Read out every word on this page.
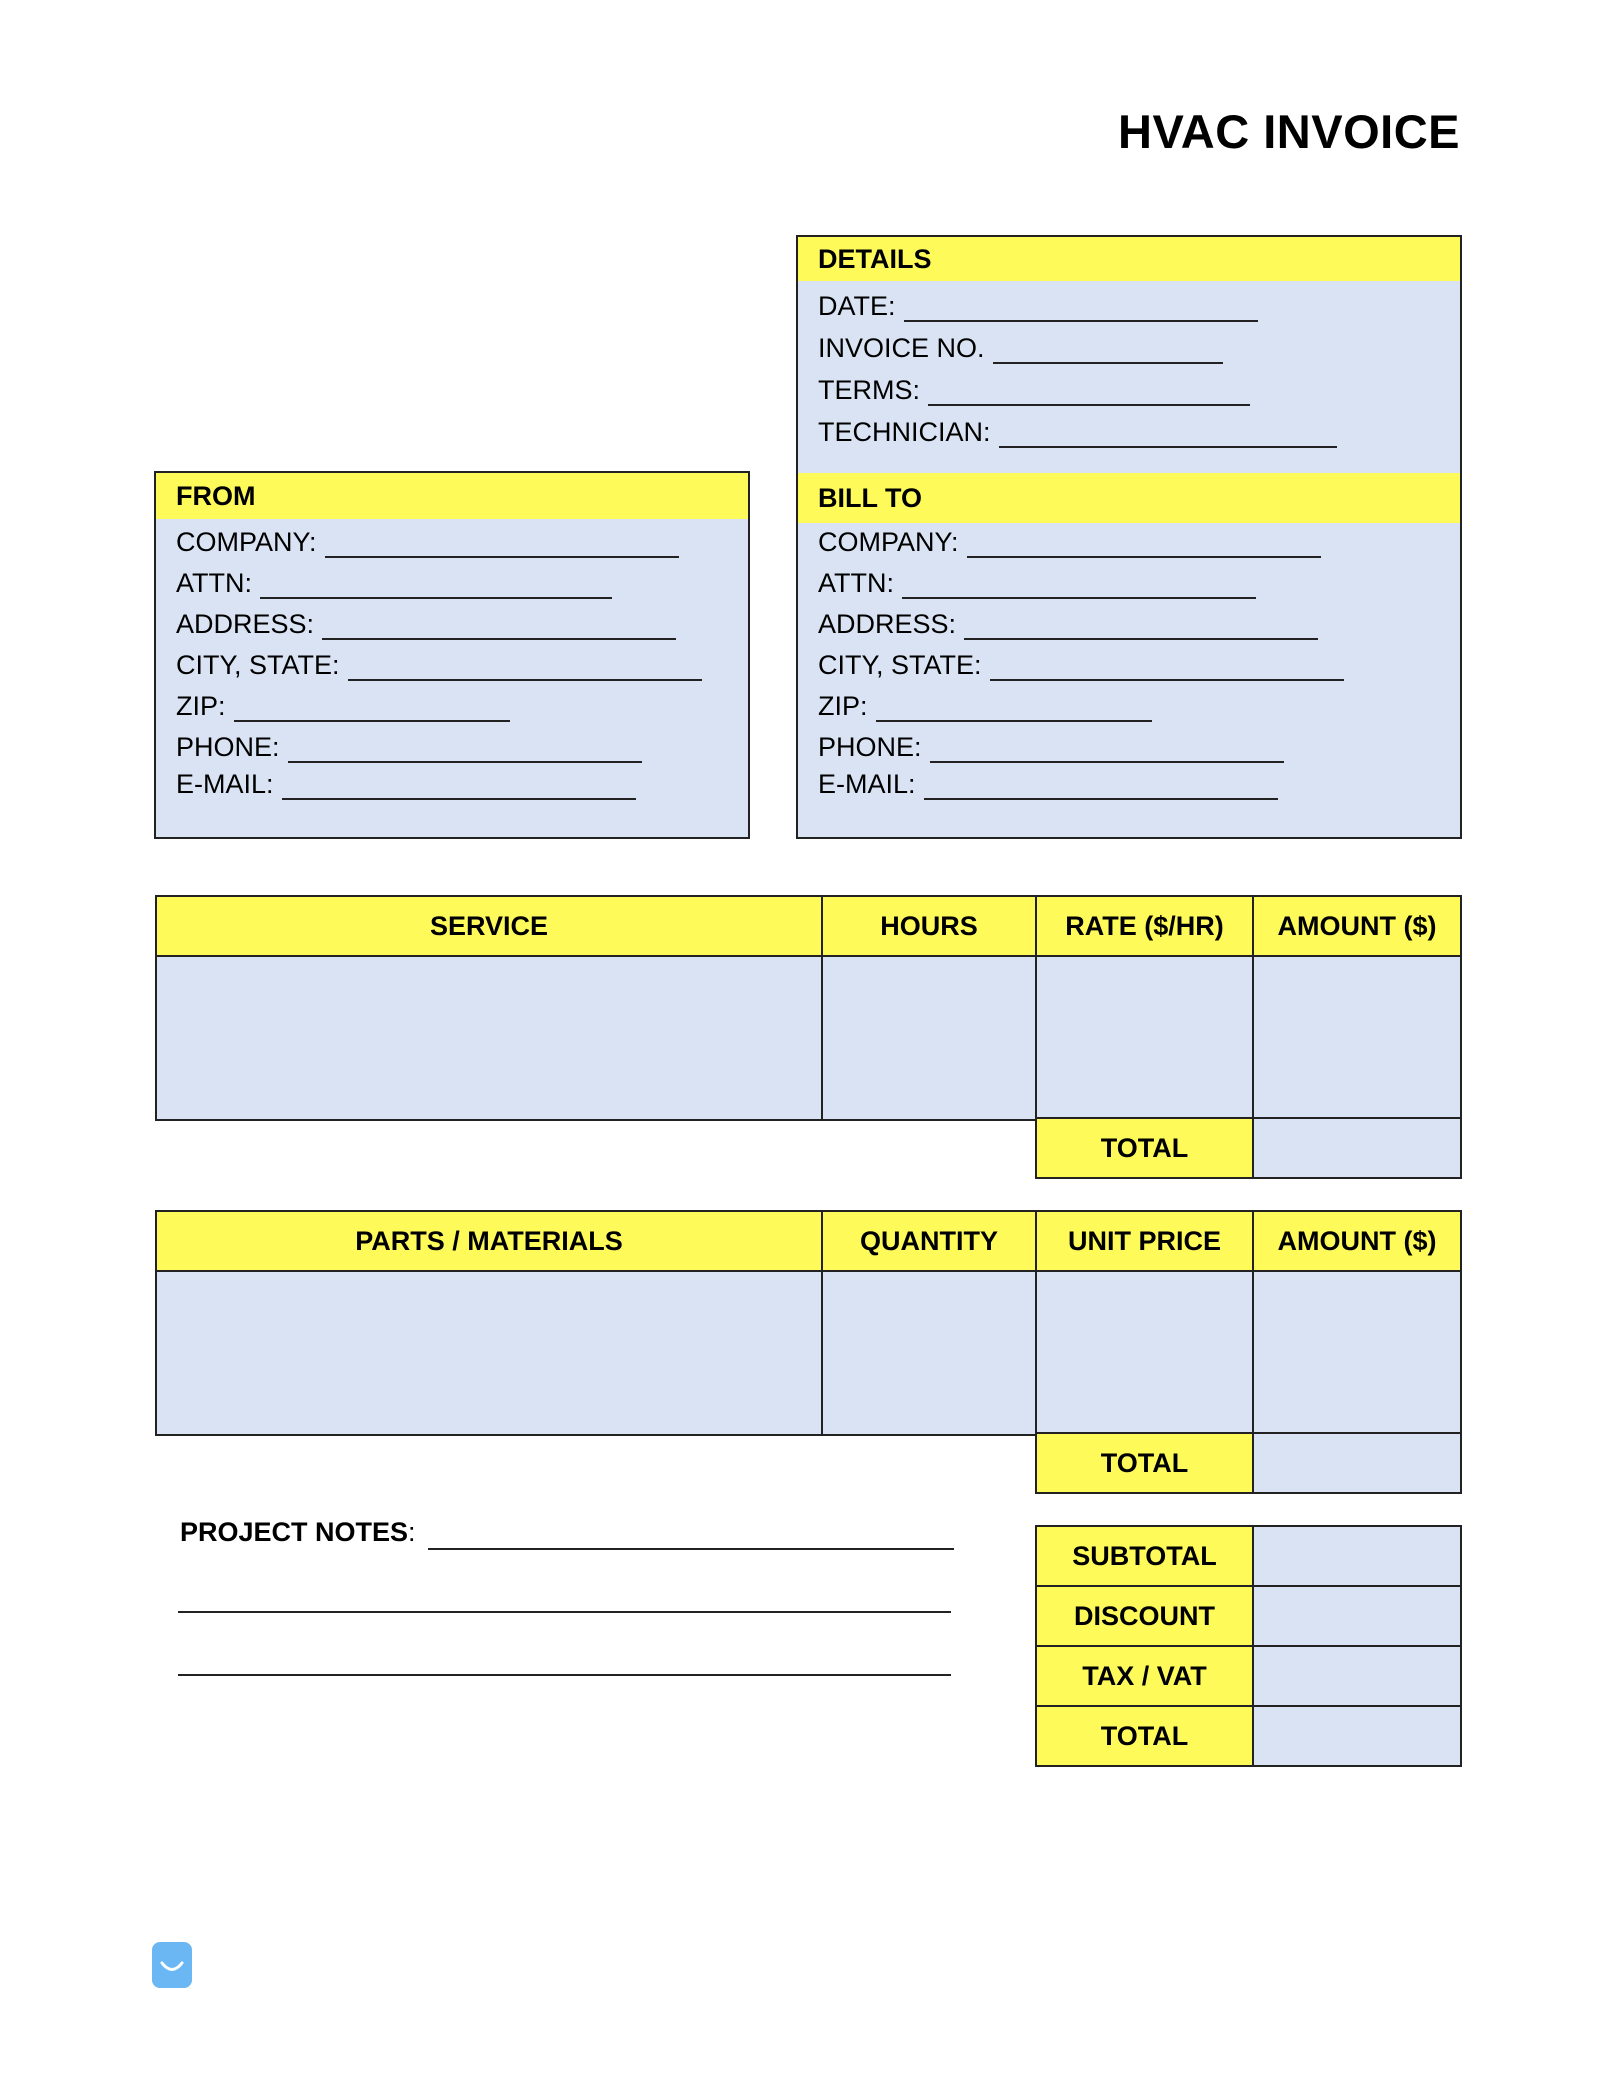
HVAC INVOICE
DETAILS
DATE:
INVOICE NO.
TERMS:
TECHNICIAN:
BILL TO
COMPANY:
ATTN:
ADDRESS:
CITY, STATE:
ZIP:
PHONE:
E-MAIL:
FROM
COMPANY:
ATTN:
ADDRESS:
CITY, STATE:
ZIP:
PHONE:
E-MAIL:
SERVICE	HOURS	RATE ($/HR)	AMOUNT ($)

TOTAL	
PARTS / MATERIALS	QUANTITY	UNIT PRICE	AMOUNT ($)

TOTAL	
PROJECT NOTES:
SUBTOTAL	
DISCOUNT	
TAX / VAT	
TOTAL	
